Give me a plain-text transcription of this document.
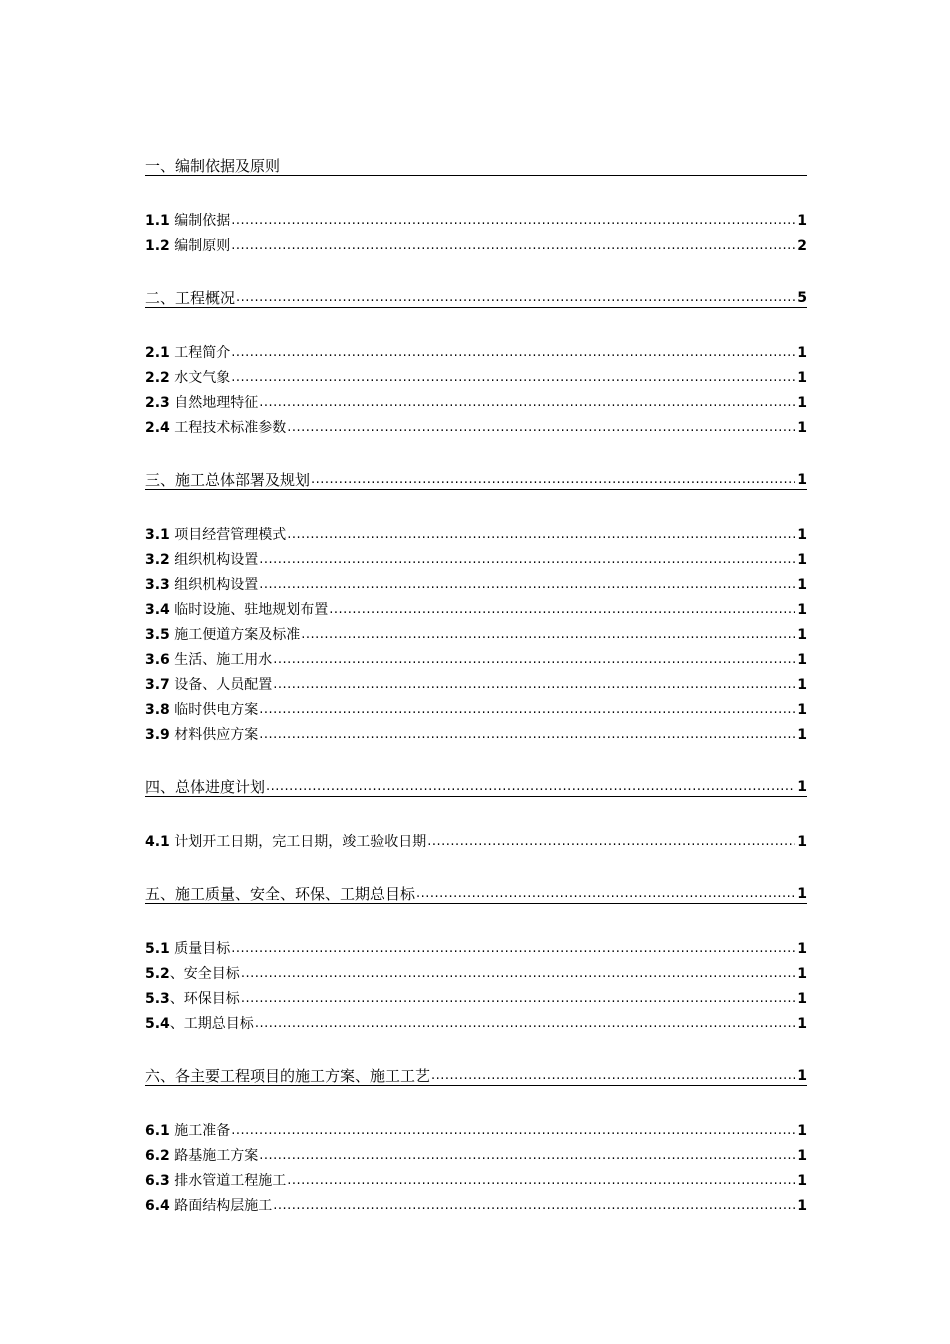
一、编制依据及原则
1.1 编制依据 .....	1
1.2 编制原则 .....	2
二、工程概况 .....	5
2.1 工程简介 .....	1
2.2 水文气象 .....	1
2.3 自然地理特征 .....	1
2.4 工程技术标准参数 .....	1
三、施工总体部署及规划 .....	1
3.1 项目经营管理模式 .....	1
3.2 组织机构设置 .....	1
3.3 组织机构设置 .....	1
3.4 临时设施、驻地规划布置 .....	1
3.5 施工便道方案及标准 .....	1
3.6 生活、施工用水 .....	1
3.7 设备、人员配置 .....	1
3.8 临时供电方案 .....	1
3.9 材料供应方案 .....	1
四、总体进度计划 .....	1
4.1 计划开工日期，完工日期，竣工验收日期 .....	1
五、施工质量、安全、环保、工期总目标 .....	1
5.1 质量目标 .....	1
5.2、安全目标 .....	1
5.3、环保目标 .....	1
5.4、工期总目标 .....	1
六、各主要工程项目的施工方案、施工工艺 .....	1
6.1 施工准备 .....	1
6.2 路基施工方案 .....	1
6.3 排水管道工程施工 .....	1
6.4 路面结构层施工 .....	1
